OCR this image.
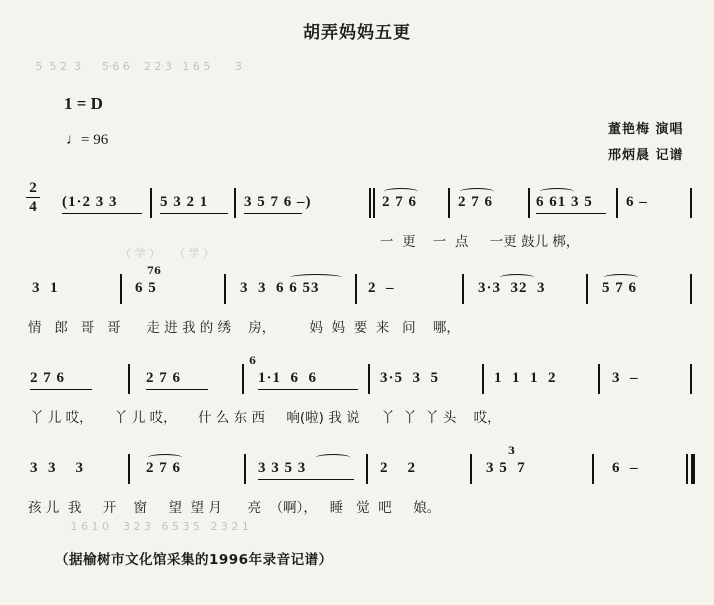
5  5 2  3      5·6 6    2 2·3   1 6 5       3
（ 学 ）    （ 学 ）
1 6 1 0    3 2 3   6 5 3 5   2 3 2 1
胡弄妈妈五更
1 = D
♩= 96
董艳梅 演唱
邢炳晨 记谱
2
4 (1·2 3 3	5 3 2 1 3 5 7 6 –)	2 7 6	2 7 6	6 61 3 5 6 –
一  更    一  点     一更 鼓儿 梆，
3  1	6 5
76
3  3  6 6 53	2  –	3·3  32  3	5 7 6
情   郎   哥   哥      走 进 我 的 绣    房，        妈  妈  要  来   问    哪，
2 7 6	2 7 6
6
1·1  6  6	3·5  3  5	1  1  1  2	3  –
丫 儿 哎，     丫 儿 哎，     什 么 东 西     响(啦) 我 说     丫  丫  丫 头    哎，
3  3    3	2 7 6	3 3 5 3	2    2
3
3 5  7	6  –
孩 儿  我     开    窗     望  望 月      亮  （啊），   睡   觉  吧     娘。
（据榆树市文化馆采集的1996年录音记谱）
